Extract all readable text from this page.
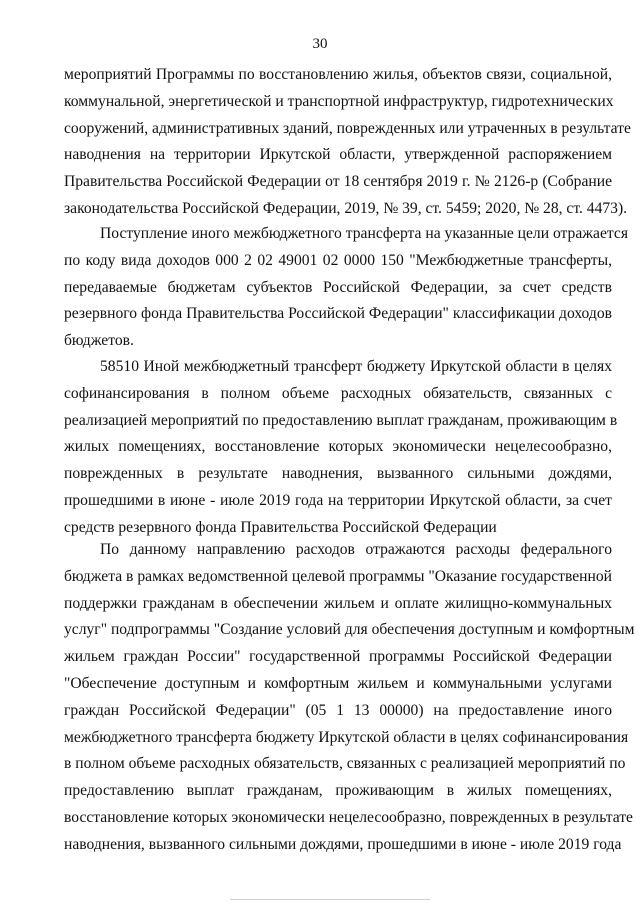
30
мероприятий Программы по восстановлению жилья, объектов связи, социальной,
коммунальной, энергетической и транспортной инфраструктур, гидротехнических
сооружений, административных зданий, поврежденных или утраченных в результате
наводнения на территории Иркутской области, утвержденной распоряжением
Правительства Российской Федерации от 18 сентября 2019 г. № 2126-р (Собрание
законодательства Российской Федерации, 2019, № 39, ст. 5459; 2020, № 28, ст. 4473).
Поступление иного межбюджетного трансферта на указанные цели отражается
по коду вида доходов 000 2 02 49001 02 0000 150 "Межбюджетные трансферты,
передаваемые бюджетам субъектов Российской Федерации, за счет средств
резервного фонда Правительства Российской Федерации" классификации доходов
бюджетов.
58510 Иной межбюджетный трансферт бюджету Иркутской области в целях
софинансирования в полном объеме расходных обязательств, связанных с
реализацией мероприятий по предоставлению выплат гражданам, проживающим в
жилых помещениях, восстановление которых экономически нецелесообразно,
поврежденных в результате наводнения, вызванного сильными дождями,
прошедшими в июне - июле 2019 года на территории Иркутской области, за счет
средств резервного фонда Правительства Российской Федерации
По данному направлению расходов отражаются расходы федерального
бюджета в рамках ведомственной целевой программы "Оказание государственной
поддержки гражданам в обеспечении жильем и оплате жилищно-коммунальных
услуг" подпрограммы "Создание условий для обеспечения доступным и комфортным
жильем граждан России" государственной программы Российской Федерации
"Обеспечение доступным и комфортным жильем и коммунальными услугами
граждан Российской Федерации" (05 1 13 00000) на предоставление иного
межбюджетного трансферта бюджету Иркутской области в целях софинансирования
в полном объеме расходных обязательств, связанных с реализацией мероприятий по
предоставлению выплат гражданам, проживающим в жилых помещениях,
восстановление которых экономически нецелесообразно, поврежденных в результате
наводнения, вызванного сильными дождями, прошедшими в июне - июле 2019 года
